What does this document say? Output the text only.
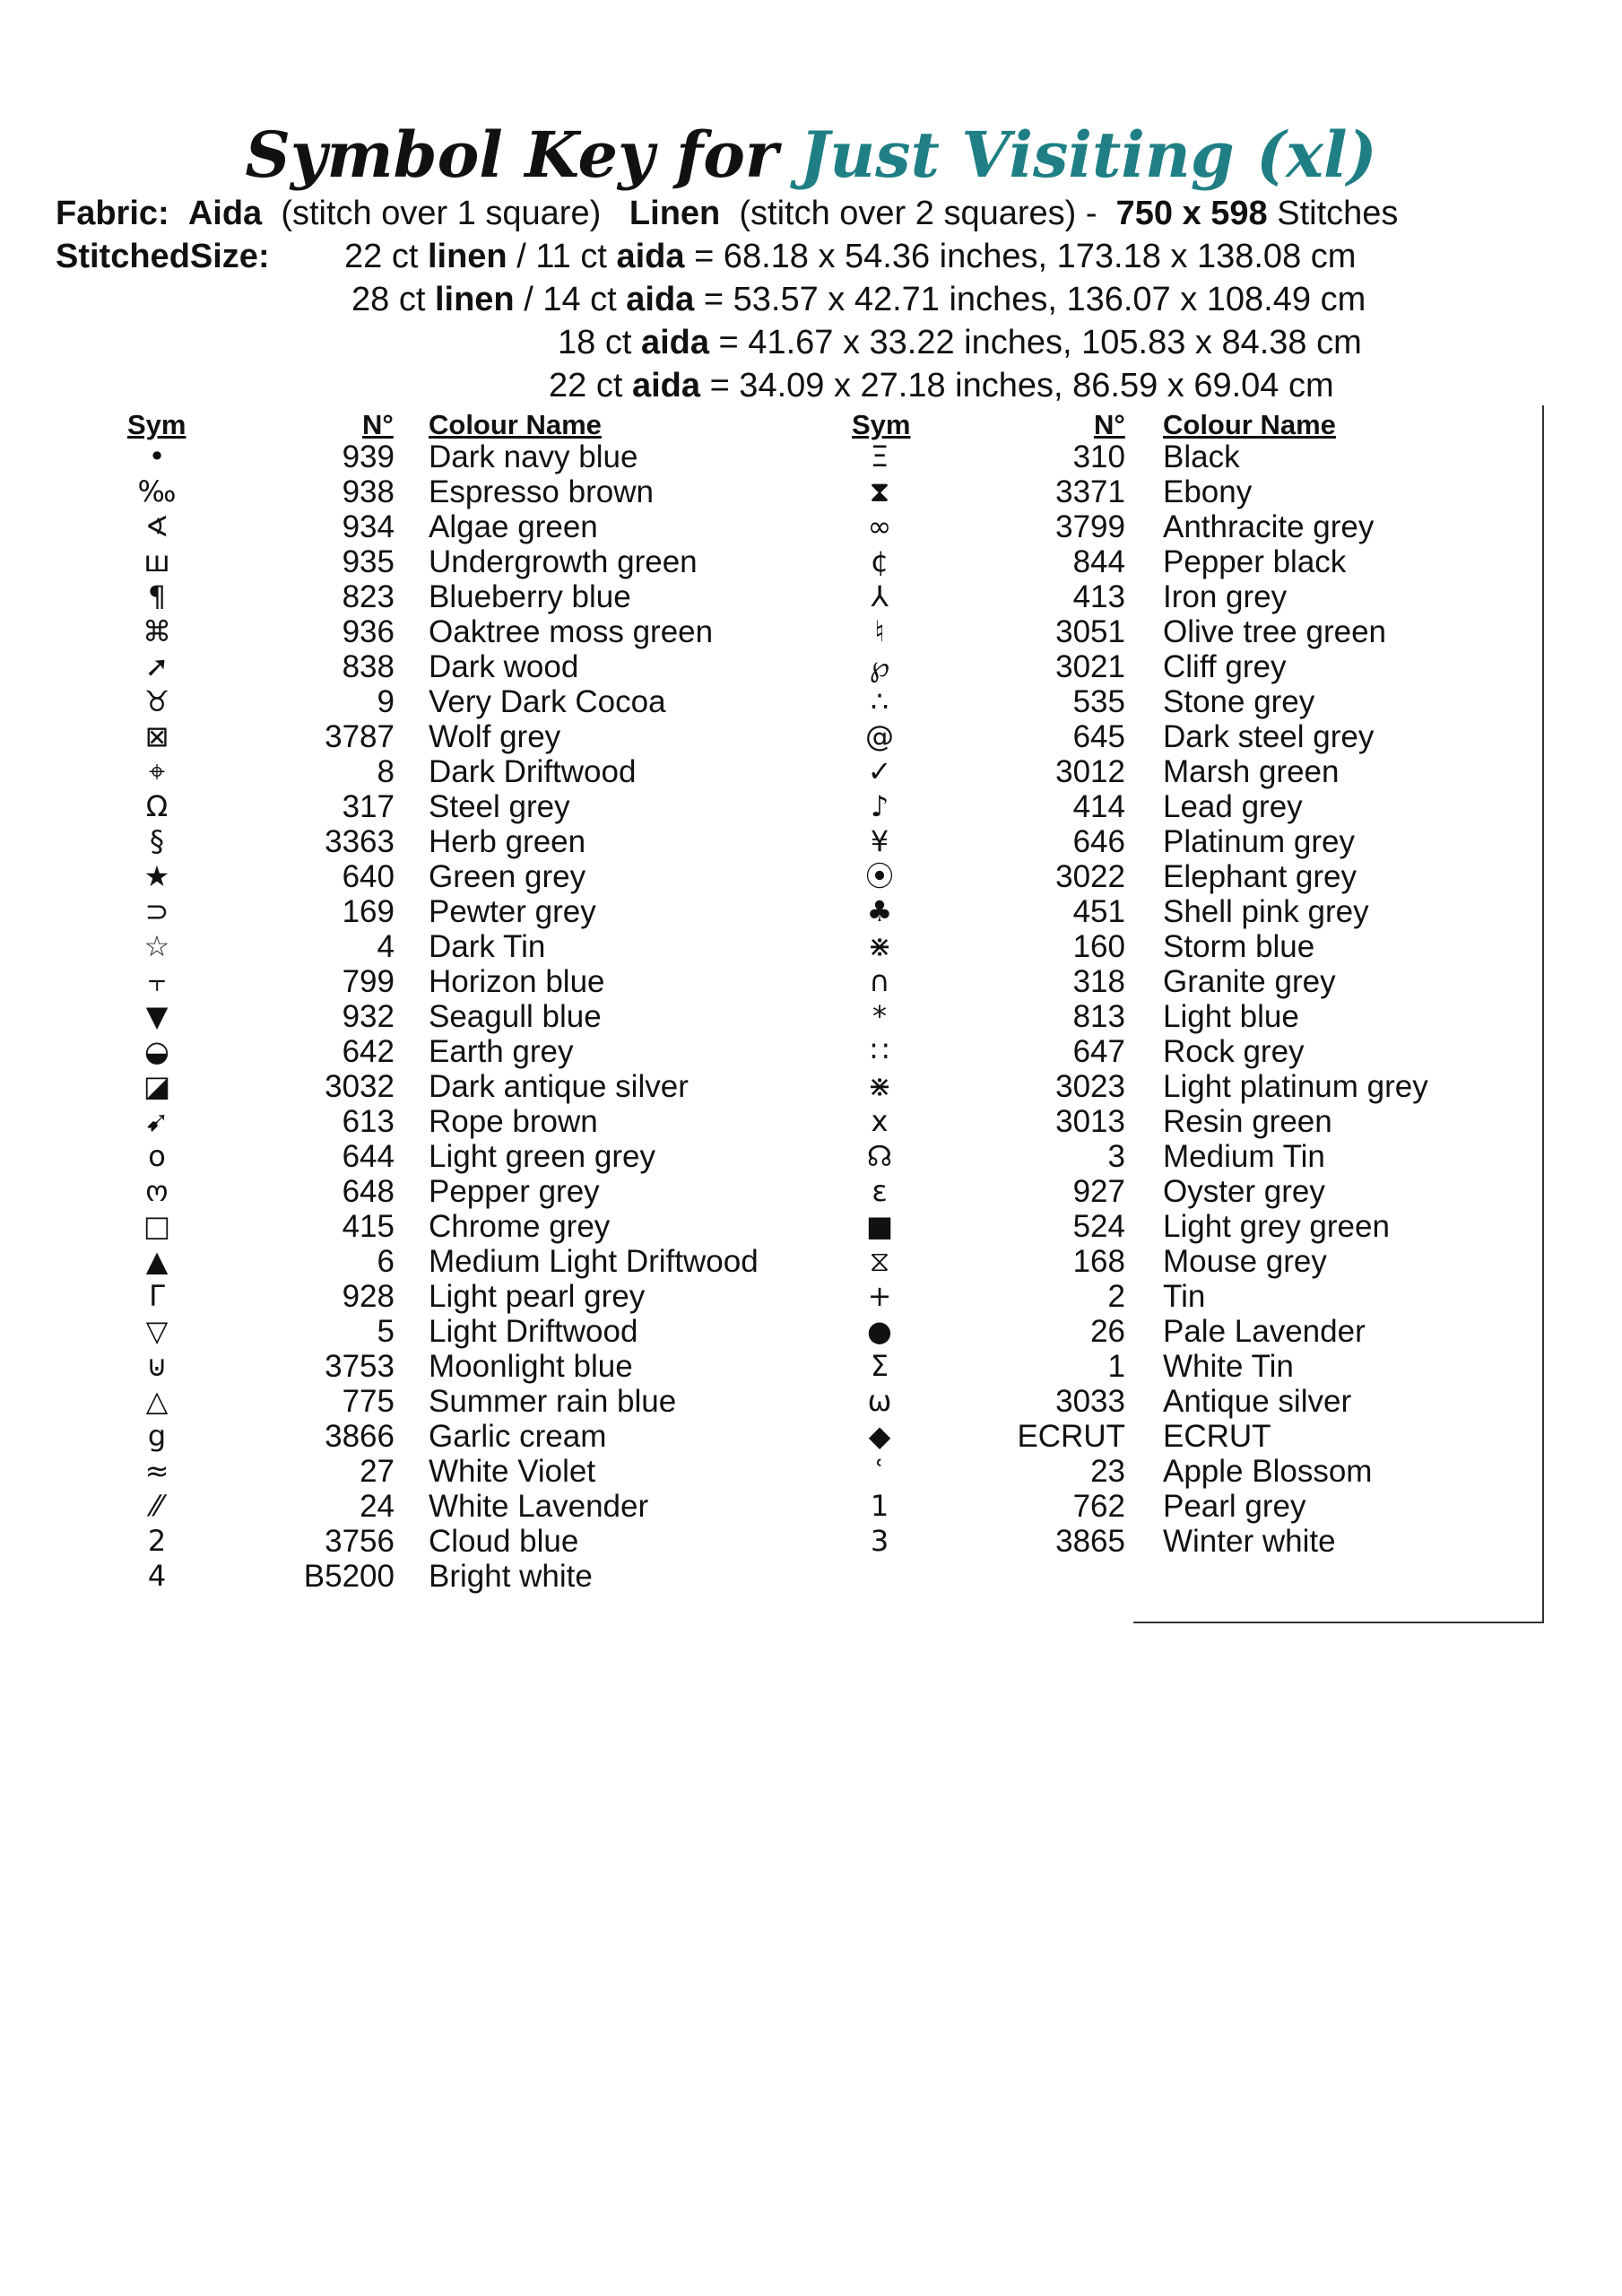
Symbol Key for Just Visiting (xl)
Fabric: Aida (stitch over 1 square) Linen (stitch over 2 squares) - 750 x 598 Stitches
StitchedSize: 22 ct linen / 11 ct aida = 68.18 x 54.36 inches, 173.18 x 138.08 cm
28 ct linen / 14 ct aida = 53.57 x 42.71 inches, 136.07 x 108.49 cm
18 ct aida = 41.67 x 33.22 inches, 105.83 x 84.38 cm
22 ct aida = 34.09 x 27.18 inches, 86.59 x 69.04 cm
Sym	N° Colour Name	Sym	N° Colour Name
•	939 Dark navy blue
‰	938 Espresso brown
∢	934 Algae green
ш	935 Undergrowth green
¶	823 Blueberry blue
⌘	936 Oaktree moss green
➚	838 Dark wood
♉	9 Very Dark Cocoa
⊠	3787 Wolf grey
⌖	8 Dark Driftwood
Ω	317 Steel grey
§	3363 Herb green
★	640 Green grey
⊃	169 Pewter grey
☆	4 Dark Tin
⫟	799 Horizon blue
▼	932 Seagull blue
◒	642 Earth grey
◪	3032 Dark antique silver
➹	613 Rope brown
o	644 Light green grey
ო	648 Pepper grey
□	415 Chrome grey
▲	6 Medium Light Driftwood
Γ	928 Light pearl grey
▽	5 Light Driftwood
⊍	3753 Moonlight blue
△	775 Summer rain blue
g	3866 Garlic cream
≈	27 White Violet
⁄⁄	24 White Lavender
2	3756 Cloud blue
4	B5200 Bright white
Ξ	310 Black
⧗	3371 Ebony
∞	3799 Anthracite grey
¢	844 Pepper black
⅄	413 Iron grey
♮	3051 Olive tree green
℘	3021 Cliff grey
∴	535 Stone grey
@	645 Dark steel grey
✓	3012 Marsh green
♪	414 Lead grey
¥	646 Platinum grey
⦿	3022 Elephant grey
♣	451 Shell pink grey
⋇	160 Storm blue
∩	318 Granite grey
*	813 Light blue
∷	647 Rock grey
⋇	3023 Light platinum grey
x	3013 Resin green
☊	3 Medium Tin
ε	927 Oyster grey
■	524 Light grey green
⧖	168 Mouse grey
+	2 Tin
●	26 Pale Lavender
Σ	1 White Tin
ω	3033 Antique silver
◆	ECRUT ECRUT
ʿ	23 Apple Blossom
1	762 Pearl grey
3	3865 Winter white
